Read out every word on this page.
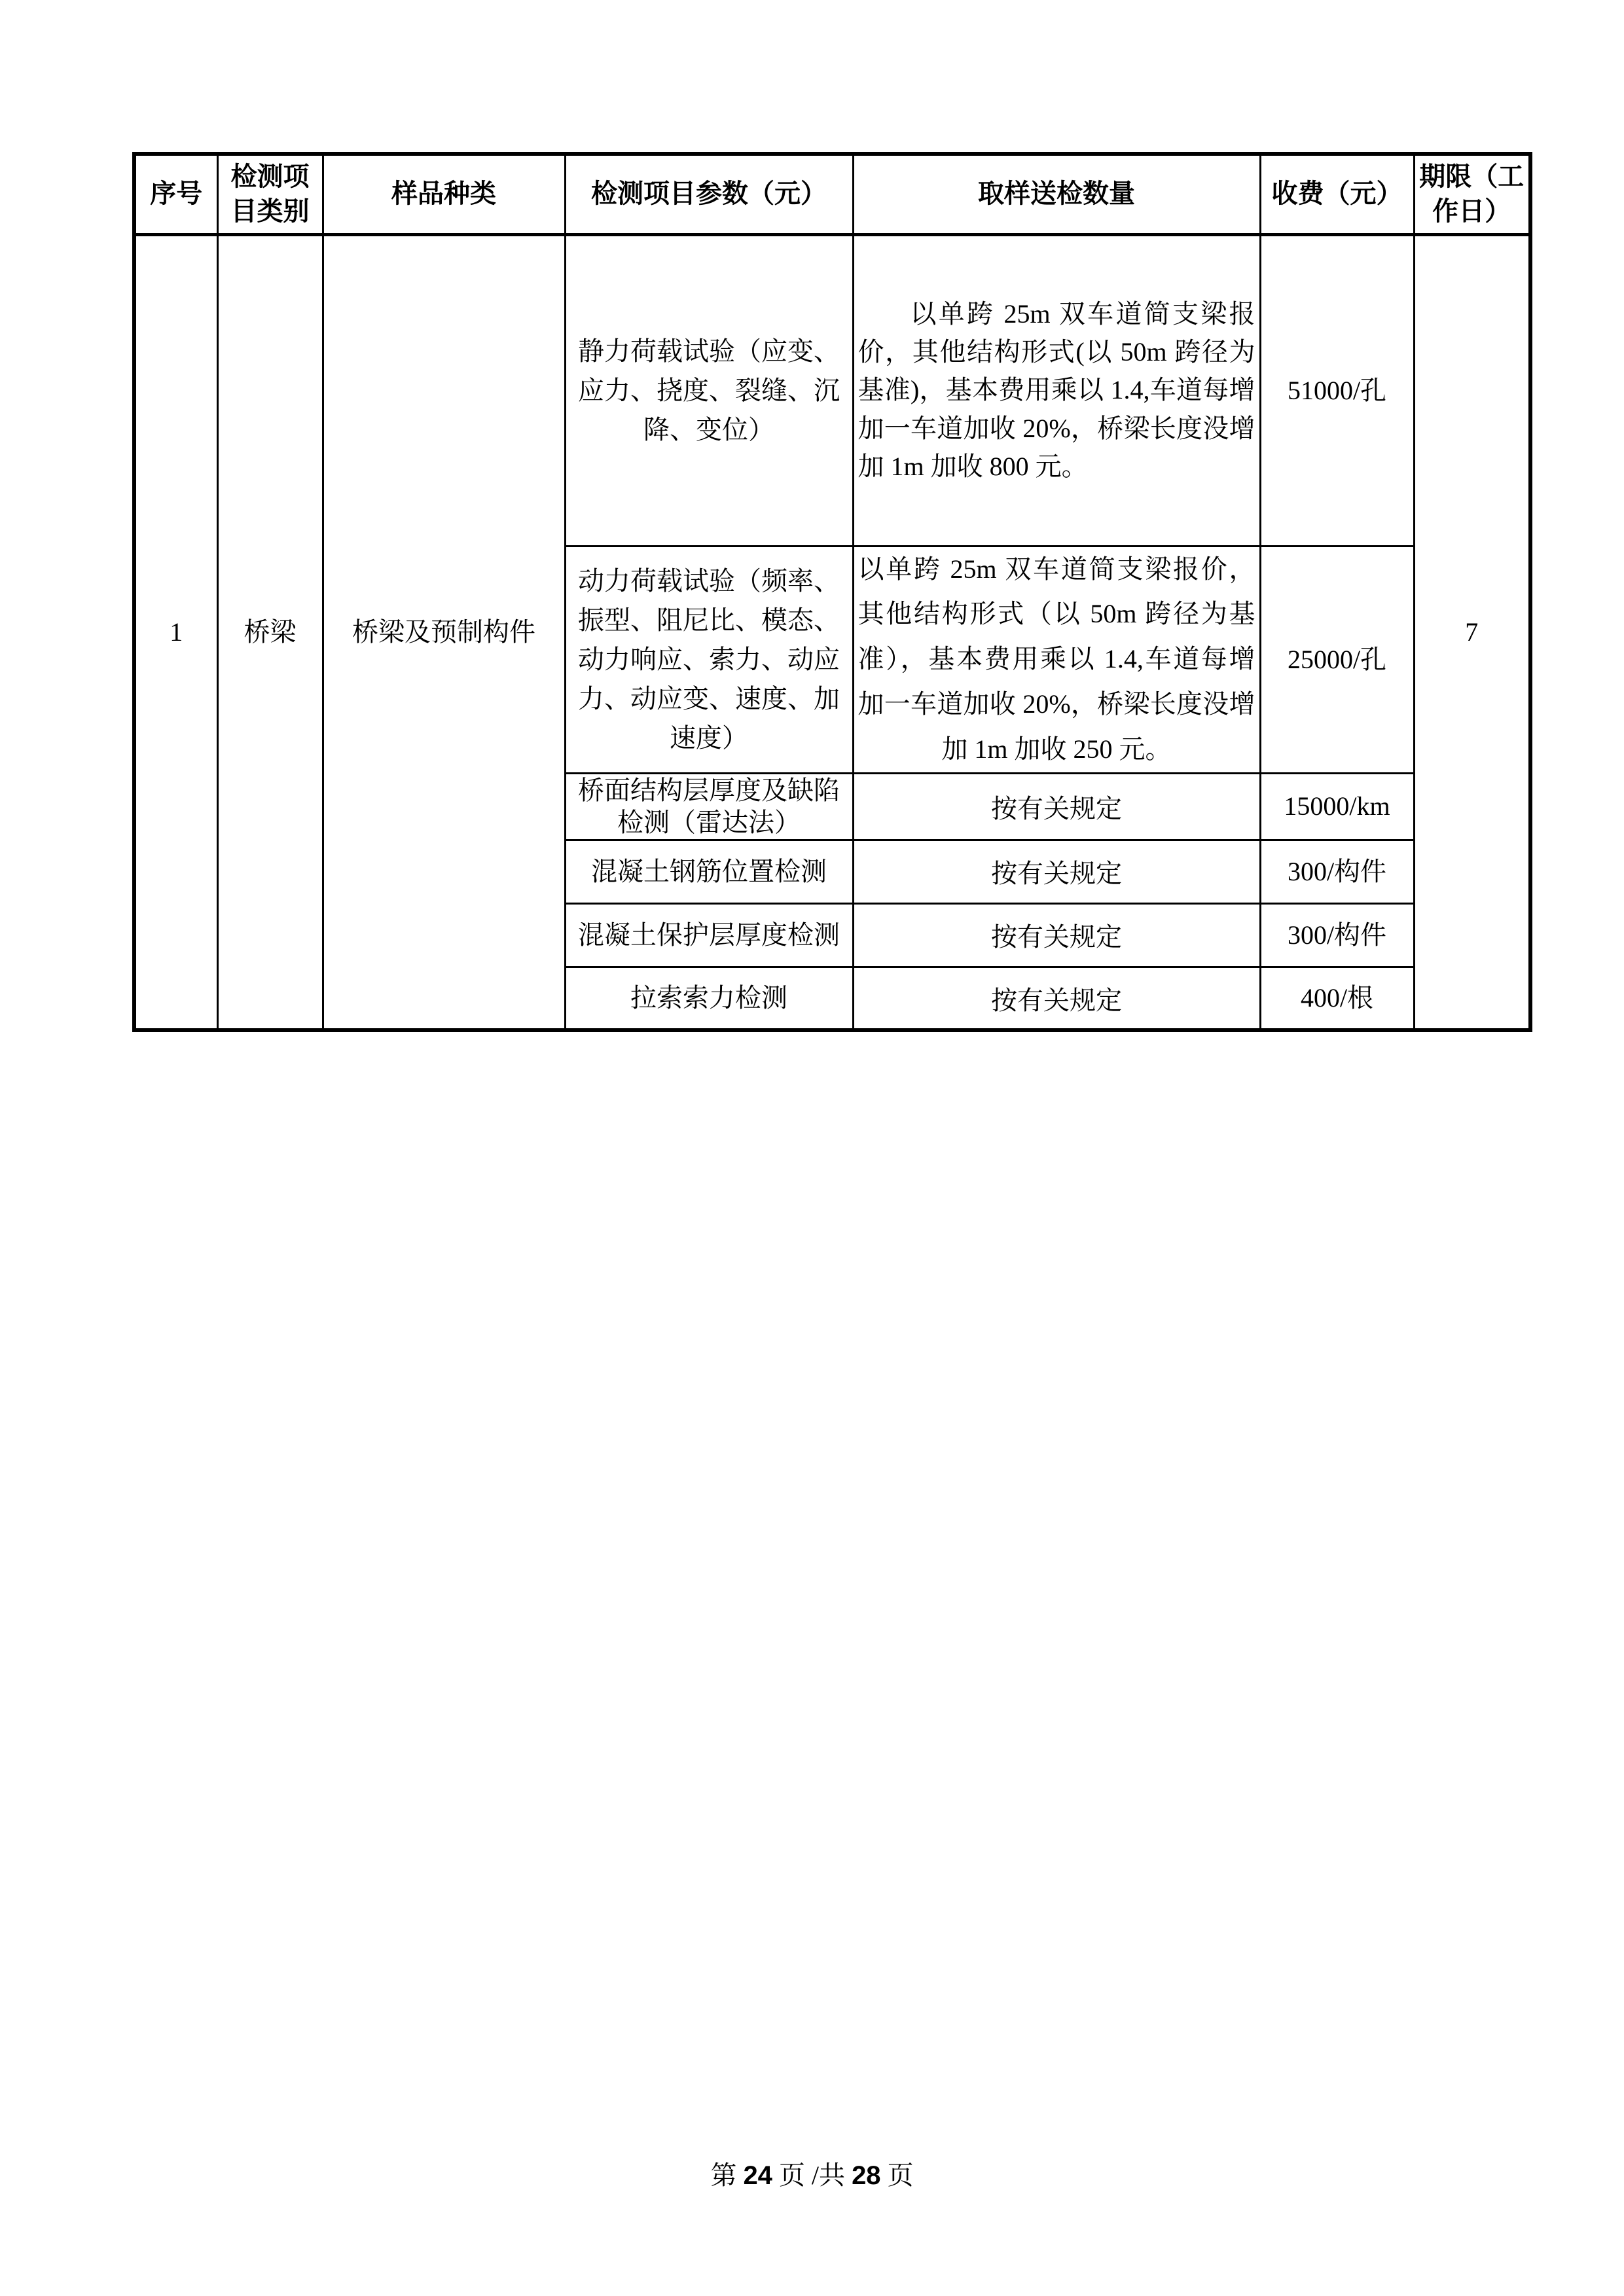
序号	检测项目类别	样品种类	检测项目参数（元）	取样送检数量	收费（元）	期限（工作日）
1	桥梁	桥梁及预制构件	静力荷载试验（应变、应力、挠度、裂缝、沉降、变位）	以单跨 25m 双车道简支梁报价，其他结构形式(以 50m 跨径为基准)，基本费用乘以 1.4,车道每增加一车道加收 20%，桥梁长度没增加 1m 加收 800 元。	51000/孔	7
			动力荷载试验（频率、振型、阻尼比、模态、动力响应、索力、动应力、动应变、速度、加速度）	以单跨 25m 双车道简支梁报价，其他结构形式（以 50m 跨径为基准），基本费用乘以 1.4,车道每增加一车道加收 20%，桥梁长度没增加 1m 加收 250 元。	25000/孔	
			桥面结构层厚度及缺陷检测（雷达法）	按有关规定	15000/km	
			混凝土钢筋位置检测	按有关规定	300/构件	
			混凝土保护层厚度检测	按有关规定	300/构件	
			拉索索力检测	按有关规定	400/根	
第 24 页 /共 28 页
